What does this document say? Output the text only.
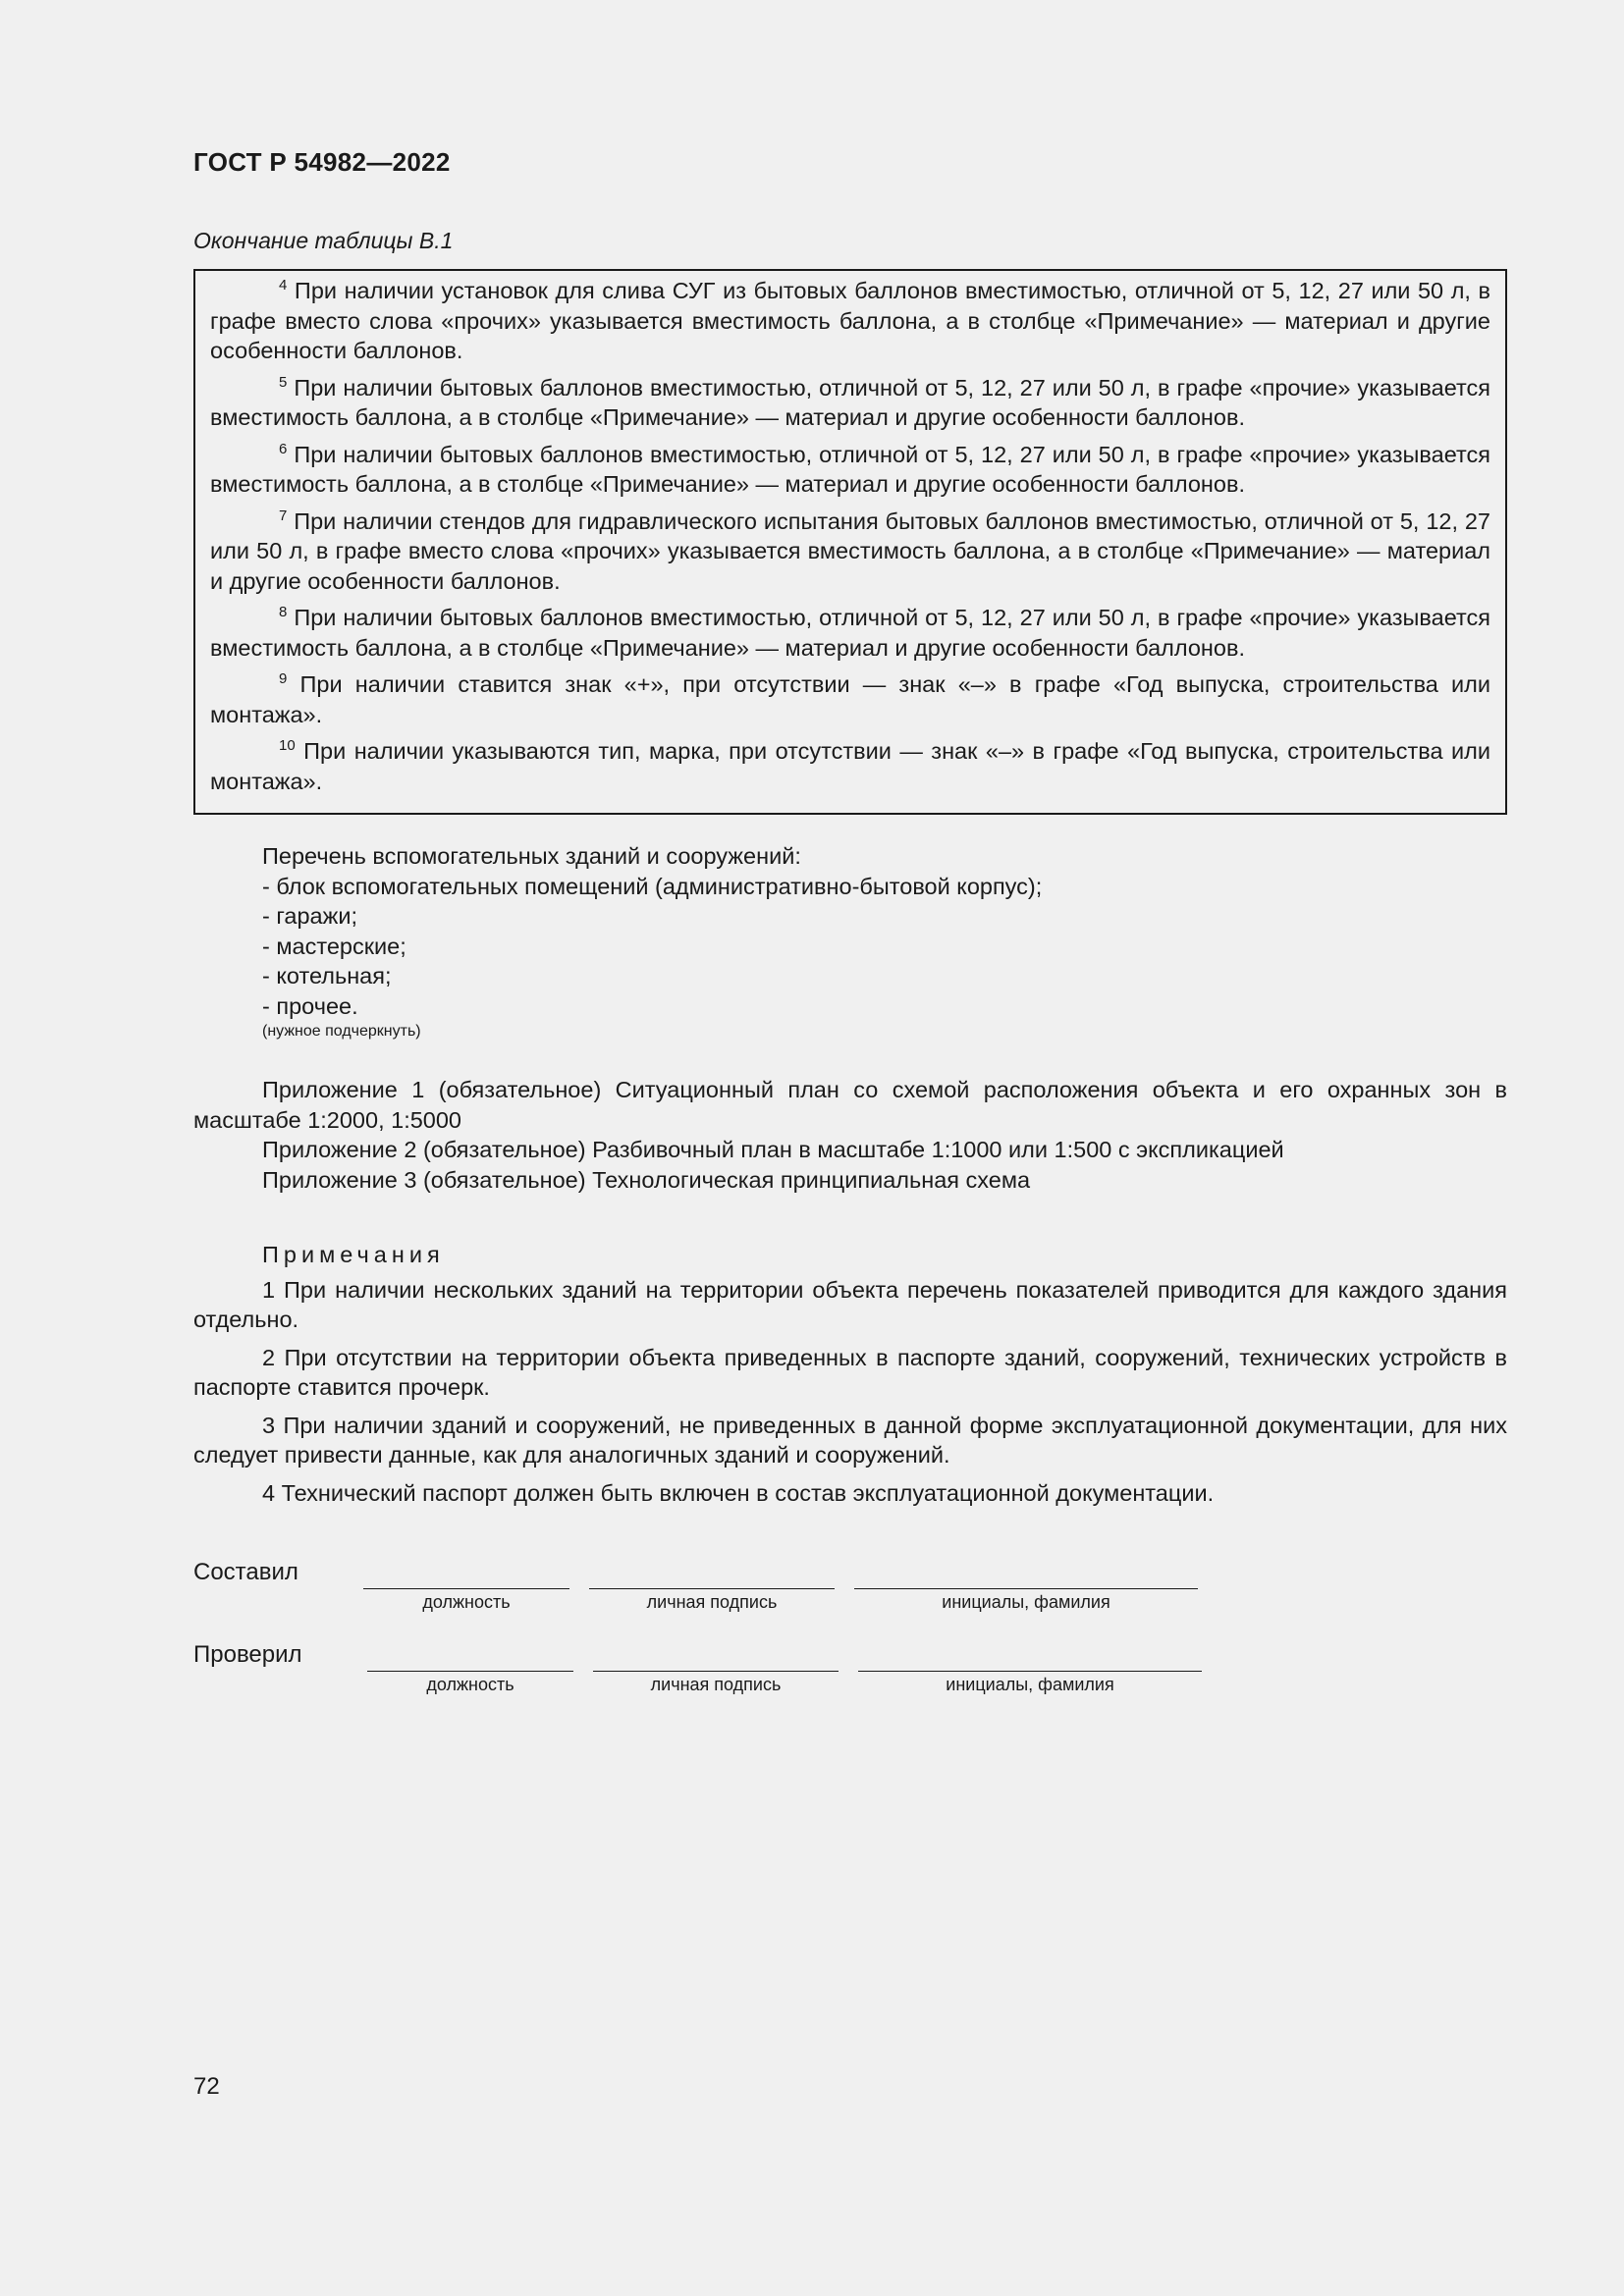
ГОСТ Р 54982—2022
Окончание таблицы В.1

$^4$ При наличии установок для слива СУГ из бытовых баллонов вместимостью, отличной от 5, 12, 27 или 50 л, в графе вместо слова «прочих» указывается вместимость баллона, а в столбце «Примечание» — материал и другие особенности баллонов.

$^5$ При наличии бытовых баллонов вместимостью, отличной от 5, 12, 27 или 50 л, в графе «прочие» указывается вместимость баллона, а в столбце «Примечание» — материал и другие особенности баллонов.

$^6$ При наличии бытовых баллонов вместимостью, отличной от 5, 12, 27 или 50 л, в графе «прочие» указывается вместимость баллона, а в столбце «Примечание» — материал и другие особенности баллонов.

$^7$ При наличии стендов для гидравлического испытания бытовых баллонов вместимостью, отличной от 5, 12, 27 или 50 л, в графе вместо слова «прочих» указывается вместимость баллона, а в столбце «Примечание» — материал и другие особенности баллонов.

$^8$ При наличии бытовых баллонов вместимостью, отличной от 5, 12, 27 или 50 л, в графе «прочие» указывается вместимость баллона, а в столбце «Примечание» — материал и другие особенности баллонов.

$^9$ При наличии ставится знак «+», при отсутствии — знак «–» в графе «Год выпуска, строительства или монтажа».

$^{10}$ При наличии указываются тип, марка, при отсутствии — знак «–» в графе «Год выпуска, строительства или монтажа».

Перечень вспомогательных зданий и сооружений:
- блок вспомогательных помещений (административно-бытовой корпус);
- гаражи;
- мастерские;
- котельная;
- прочее.
(нужное подчеркнуть)

Приложение 1 (обязательное) Ситуационный план со схемой расположения объекта и его охранных зон в масштабе 1:2000, 1:5000

Приложение 2 (обязательное) Разбивочный план в масштабе 1:1000 или 1:500 с экспликацией

Приложение 3 (обязательное) Технологическая принципиальная схема

Примечания

1 При наличии нескольких зданий на территории объекта перечень показателей приводится для каждого здания отдельно.

2 При отсутствии на территории объекта приведенных в паспорте зданий, сооружений, технических устройств в паспорте ставится прочерк.

3 При наличии зданий и сооружений, не приведенных в данной форме эксплуатационной документации, для них следует привести данные, как для аналогичных зданий и сооружений.

4 Технический паспорт должен быть включен в состав эксплуатационной документации.

Составил
должность	личная подпись	инициалы, фамилия
Проверил
должность	личная подпись	инициалы, фамилия
72
